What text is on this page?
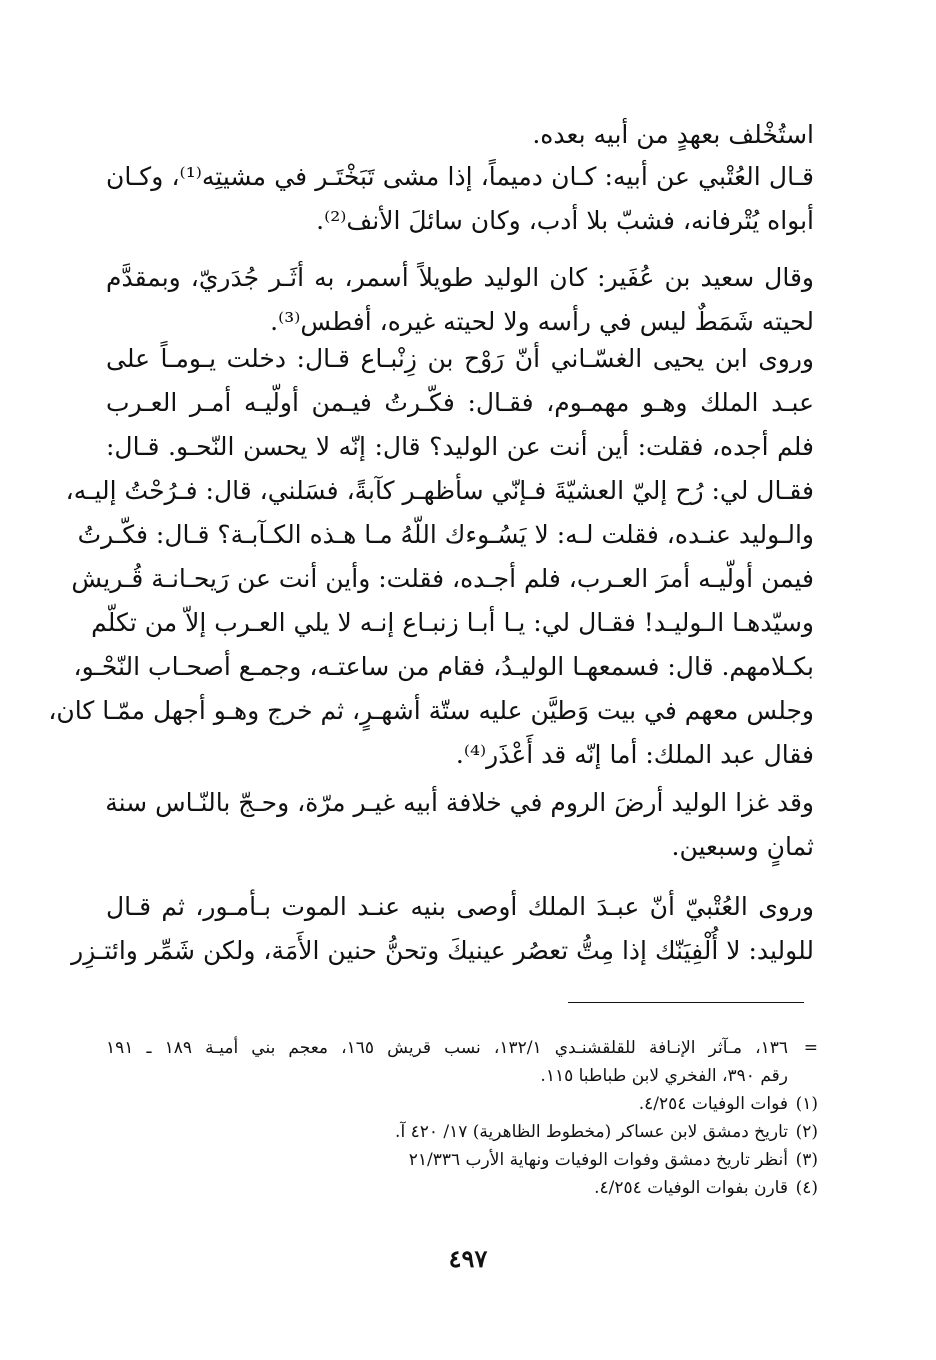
استُخْلف بعهدٍ من أبيه بعده.
قـال العُتْبي عن أبيه: كـان دميماً، إذا مشى تَبَخْتَـر في مشيتِه⁽¹⁾، وكـان
أبواه يُتْرفانه، فشبّ بلا أدب، وكان سائلَ الأنف⁽²⁾.
وقال سعيد بن عُفَير: كان الوليد طويلاً أسمر، به أثَـر جُدَريّ، وبمقدَّم
لحيته شَمَطٌ ليس في رأسه ولا لحيته غيره، أفطس⁽³⁾.
وروى ابن يحيى الغسّـاني أنّ رَوْح بن زِنْبـاع قـال: دخلت يـومـاً على
عبـد الملك وهـو مهمـوم، فقـال: فكّـرتُ فيـمن أولّيـه أمـر العـرب
فلم أجده، فقلت: أين أنت عن الوليد؟ قال: إنّه لا يحسن النّحـو. قـال:
فقـال لي: رُح إليّ العشيّةَ فـإنّي سأظهـر كآبةً، فسَلني، قال: فـرُحْتُ إليـه،
والـوليد عنـده، فقلت لـه: لا يَسُـوءك اللّهُ مـا هـذه الكـآبـة؟ قـال: فكّـرتُ
فيمن أولّيـه أمرَ العـرب، فلم أجـده، فقلت: وأين أنت عن رَيحـانـة قُـريش
وسيّدهـا الـوليـد! فقـال لي: يـا أبـا زنبـاع إنـه لا يلي العـرب إلاّ من تكلّم
بكـلامهم. قال: فسمعهـا الوليـدُ، فقام من ساعتـه، وجمـع أصحـاب النّحْـو،
وجلس معهم في بيت وَطيَّن عليه ستّة أشهـرٍ، ثم خرج وهـو أجهل ممّـا كان،
فقال عبد الملك: أما إنّه قد أَعْذَر⁽⁴⁾.
وقد غزا الوليد أرضَ الروم في خلافة أبيه غيـر مرّة، وحـجّ بالنّـاس سنة
ثمانٍ وسبعين.
وروى العُتْبيّ أنّ عبـدَ الملك أوصى بنيه عنـد الموت بـأمـور، ثم قـال
للوليد: لا أُلْفِيَنّك إذا مِتُّ تعصُر عينيكَ وتحنُّ حنين الأَمَة، ولكن شَمِّر وائتـزِر
=
١٣٦، مـآثر الإنـافة للقلقشنـدي ١٣٢/١، نسب قريش ١٦٥، معجم بني أميـة ١٨٩ ـ ١٩١
رقم ٣٩٠، الفخري لابن طباطبا ١١٥.
(١)
فوات الوفيات ٤/٢٥٤.
(٢)
تاريخ دمشق لابن عساكر (مخطوط الظاهرية) ١٧/ ٤٢٠ آ.
(٣)
أنظر تاريخ دمشق وفوات الوفيات ونهاية الأرب ٢١/٣٣٦
(٤)
قارن بفوات الوفيات ٤/٢٥٤.
٤٩٧
